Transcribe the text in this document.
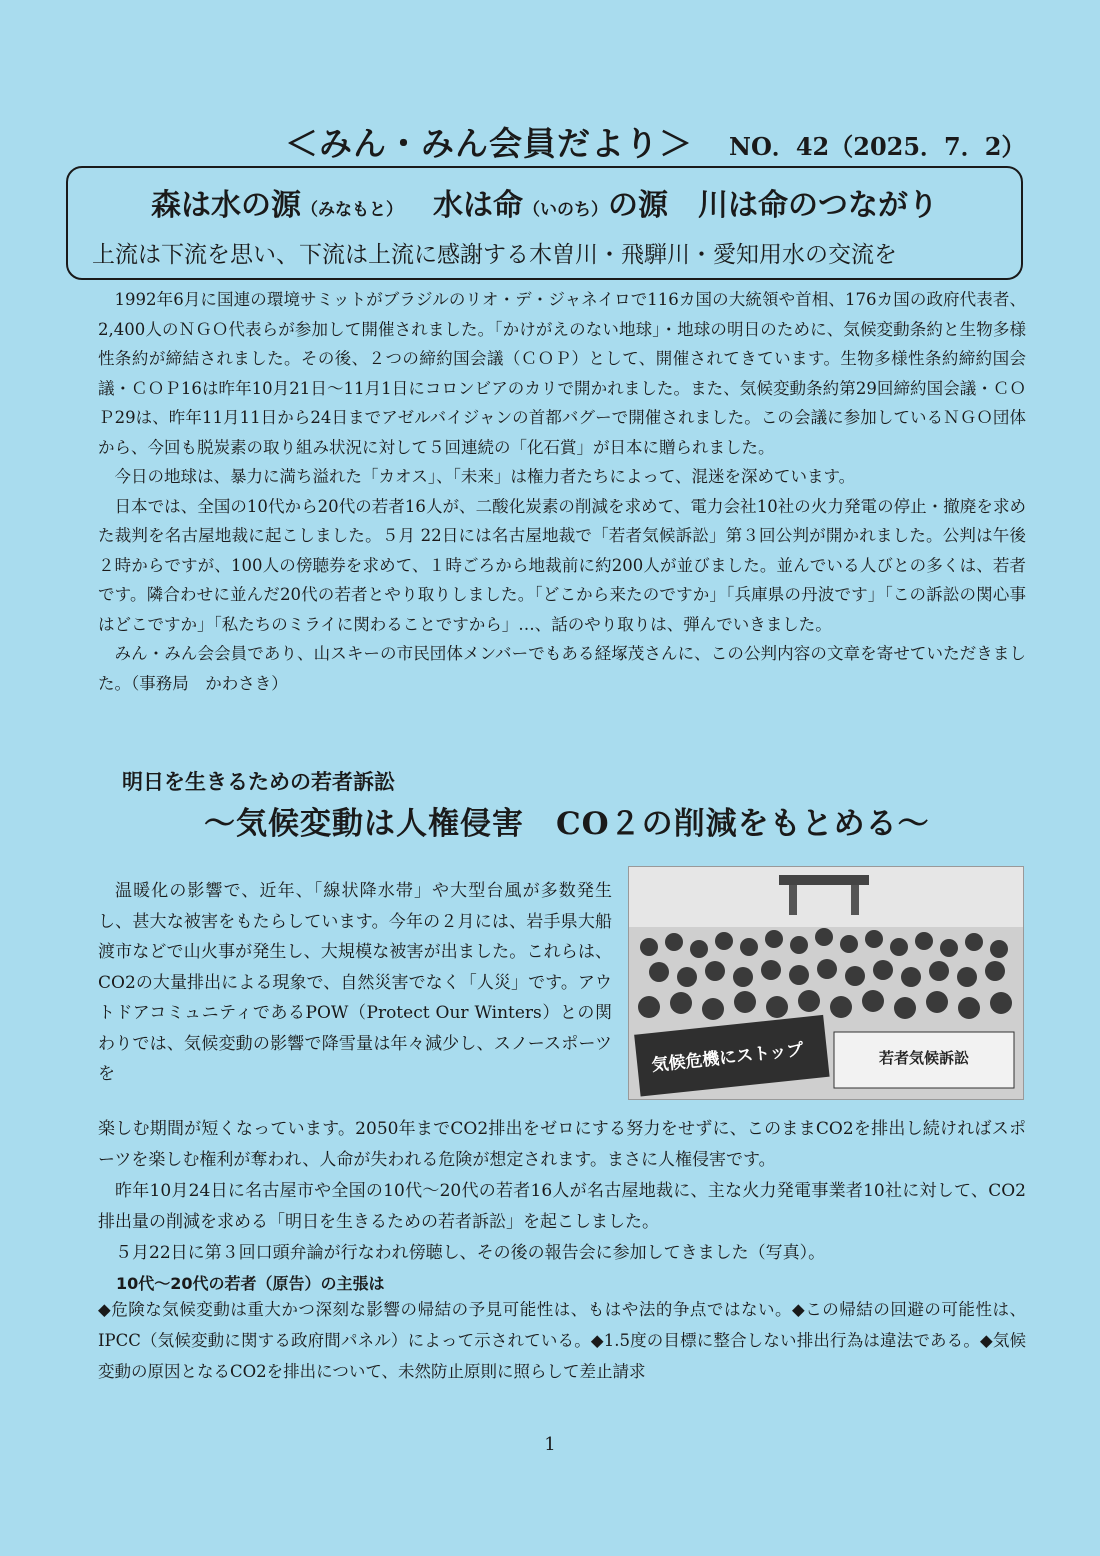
＜みん・みん会員だより＞ NO．42（2025．7．2）
森は水の源（みなもと） 水は命（いのち）の源 川は命のつながり
上流は下流を思い、下流は上流に感謝する木曽川・飛騨川・愛知用水の交流を

1992年6月に国連の環境サミットがブラジルのリオ・デ・ジャネイロで116カ国の大統領や首相、176カ国の政府代表者、2,400人のＮＧＯ代表らが参加して開催されました。「かけがえのない地球」・地球の明日のために、気候変動条約と生物多様性条約が締結されました。その後、２つの締約国会議（ＣＯＰ）として、開催されてきています。生物多様性条約締約国会議・ＣＯＰ16は昨年10月21日～11月1日にコロンビアのカリで開かれました。また、気候変動条約第29回締約国会議・ＣＯＰ29は、昨年11月11日から24日までアゼルバイジャンの首都バグーで開催されました。この会議に参加しているＮＧＯ団体から、今回も脱炭素の取り組み状況に対して５回連続の「化石賞」が日本に贈られました。

今日の地球は、暴力に満ち溢れた「カオス」、「未来」は権力者たちによって、混迷を深めています。

日本では、全国の10代から20代の若者16人が、二酸化炭素の削減を求めて、電力会社10社の火力発電の停止・撤廃を求めた裁判を名古屋地裁に起こしました。５月 22日には名古屋地裁で「若者気候訴訟」第３回公判が開かれました。公判は午後２時からですが、100人の傍聴券を求めて、１時ごろから地裁前に約200人が並びました。並んでいる人びとの多くは、若者です。隣合わせに並んだ20代の若者とやり取りしました。「どこから来たのですか」「兵庫県の丹波です」「この訴訟の関心事はどこですか」「私たちのミライに関わることですから」…、話のやり取りは、弾んでいきました。

みん・みん会会員であり、山スキーの市民団体メンバーでもある経塚茂さんに、この公判内容の文章を寄せていただきました。（事務局　かわさき）

明日を生きるための若者訴訟
～気候変動は人権侵害　CO２の削減をもとめる～

温暖化の影響で、近年、「線状降水帯」や大型台風が多数発生し、甚大な被害をもたらしています。今年の２月には、岩手県大船渡市などで山火事が発生し、大規模な被害が出ました。これらは、CO2の大量排出による現象で、自然災害でなく「人災」です。アウトドアコミュニティであるPOW（Protect Our Winters）との関わりでは、気候変動の影響で降雪量は年々減少し、スノースポーツを	気候危機にストップ	若者気候訴訟

楽しむ期間が短くなっています。2050年までCO2排出をゼロにする努力をせずに、このままCO2を排出し続ければスポーツを楽しむ権利が奪われ、人命が失われる危険が想定されます。まさに人権侵害です。

昨年10月24日に名古屋市や全国の10代～20代の若者16人が名古屋地裁に、主な火力発電事業者10社に対して、CO2排出量の削減を求める「明日を生きるための若者訴訟」を起こしました。

５月22日に第３回口頭弁論が行なわれ傍聴し、その後の報告会に参加してきました（写真）。

10代～20代の若者（原告）の主張は

◆危険な気候変動は重大かつ深刻な影響の帰結の予見可能性は、もはや法的争点ではない。◆この帰結の回避の可能性は、IPCC（気候変動に関する政府間パネル）によって示されている。◆1.5度の目標に整合しない排出行為は違法である。◆気候変動の原因となるCO2を排出について、未然防止原則に照らして差止請求

1
